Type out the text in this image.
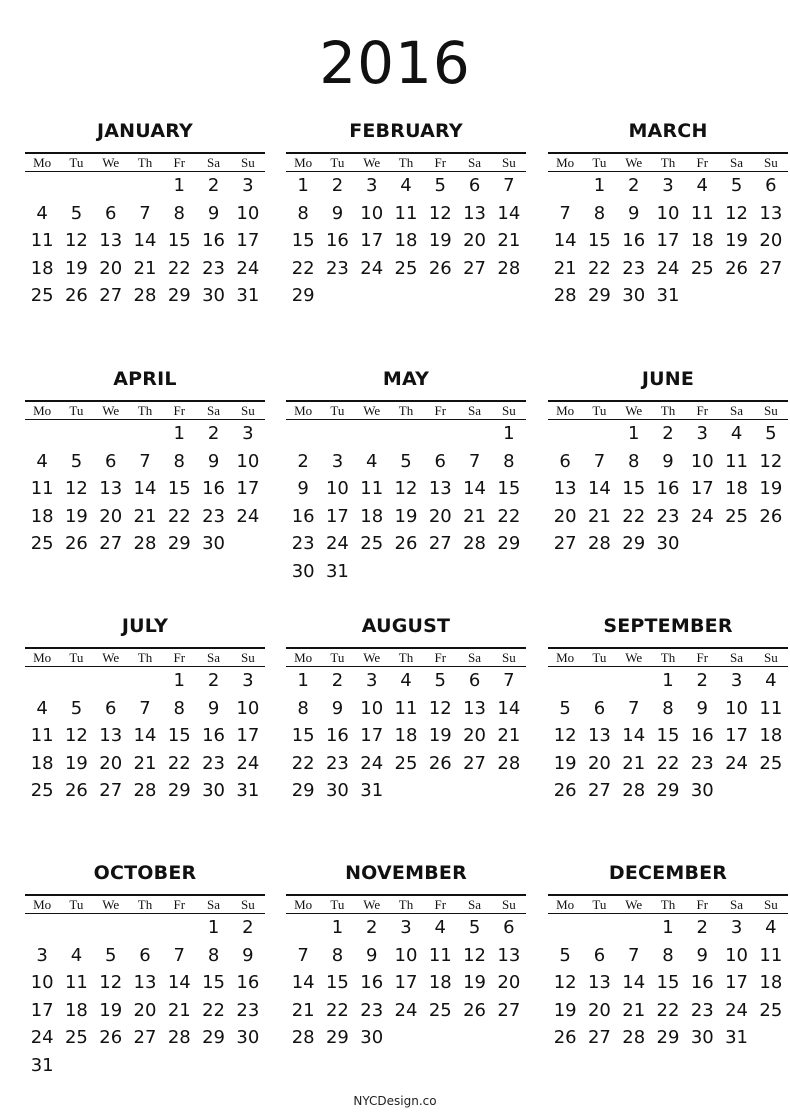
2016
JANUARY
Mo	Tu	We	Th	Fr	Sa	Su
				1	2	3
4	5	6	7	8	9	10
11	12	13	14	15	16	17
18	19	20	21	22	23	24
25	26	27	28	29	30	31
FEBRUARY
Mo	Tu	We	Th	Fr	Sa	Su
1	2	3	4	5	6	7
8	9	10	11	12	13	14
15	16	17	18	19	20	21
22	23	24	25	26	27	28
29						
MARCH
Mo	Tu	We	Th	Fr	Sa	Su
	1	2	3	4	5	6
7	8	9	10	11	12	13
14	15	16	17	18	19	20
21	22	23	24	25	26	27
28	29	30	31			
APRIL
Mo	Tu	We	Th	Fr	Sa	Su
				1	2	3
4	5	6	7	8	9	10
11	12	13	14	15	16	17
18	19	20	21	22	23	24
25	26	27	28	29	30	
MAY
Mo	Tu	We	Th	Fr	Sa	Su
						1
2	3	4	5	6	7	8
9	10	11	12	13	14	15
16	17	18	19	20	21	22
23	24	25	26	27	28	29
30	31					
JUNE
Mo	Tu	We	Th	Fr	Sa	Su
		1	2	3	4	5
6	7	8	9	10	11	12
13	14	15	16	17	18	19
20	21	22	23	24	25	26
27	28	29	30			
JULY
Mo	Tu	We	Th	Fr	Sa	Su
				1	2	3
4	5	6	7	8	9	10
11	12	13	14	15	16	17
18	19	20	21	22	23	24
25	26	27	28	29	30	31
AUGUST
Mo	Tu	We	Th	Fr	Sa	Su
1	2	3	4	5	6	7
8	9	10	11	12	13	14
15	16	17	18	19	20	21
22	23	24	25	26	27	28
29	30	31				
SEPTEMBER
Mo	Tu	We	Th	Fr	Sa	Su
			1	2	3	4
5	6	7	8	9	10	11
12	13	14	15	16	17	18
19	20	21	22	23	24	25
26	27	28	29	30		
OCTOBER
Mo	Tu	We	Th	Fr	Sa	Su
					1	2
3	4	5	6	7	8	9
10	11	12	13	14	15	16
17	18	19	20	21	22	23
24	25	26	27	28	29	30
31						
NOVEMBER
Mo	Tu	We	Th	Fr	Sa	Su
	1	2	3	4	5	6
7	8	9	10	11	12	13
14	15	16	17	18	19	20
21	22	23	24	25	26	27
28	29	30				
DECEMBER
Mo	Tu	We	Th	Fr	Sa	Su
			1	2	3	4
5	6	7	8	9	10	11
12	13	14	15	16	17	18
19	20	21	22	23	24	25
26	27	28	29	30	31	
NYCDesign.co
